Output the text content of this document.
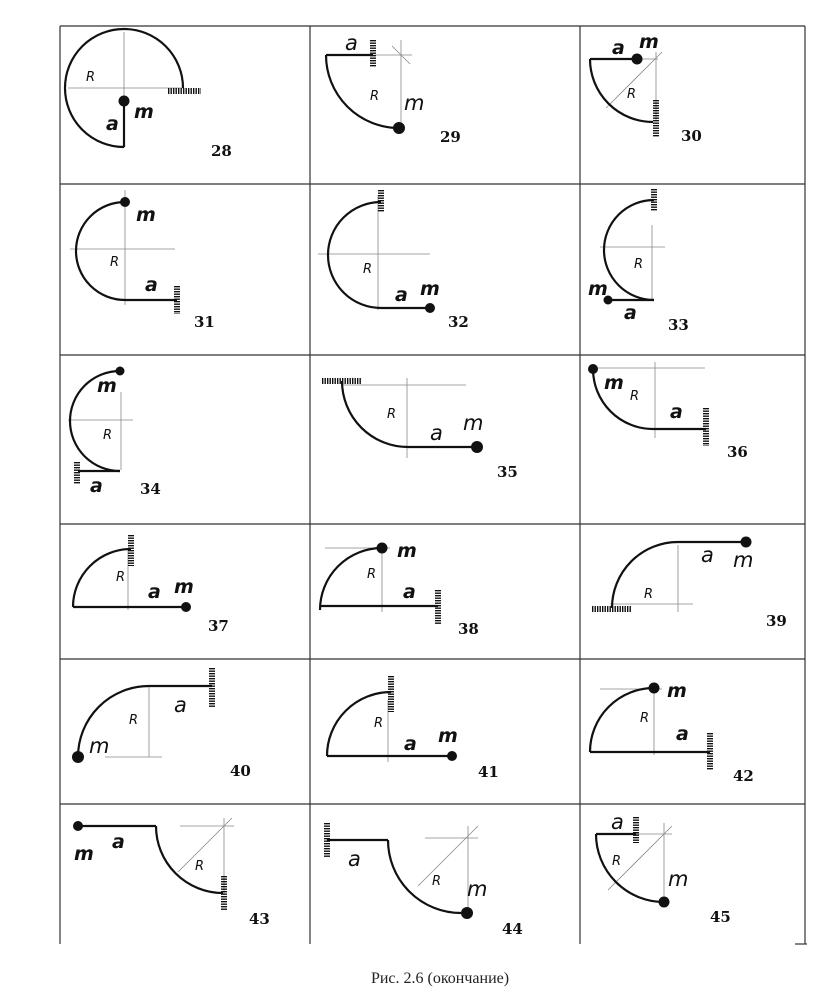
R
a
m
28
a
R m
29
a m
R
30
m
R
a
31
R
a m
32
R
m
a
33
m
R
a 34
R
a m
35
m
R
a
36
R
a m
37
m
R
a
38
R
a m
39
a
R
m
40
R
a m
41
m
R
a
42
m
a
R
43
a
R m
44
a
R
m
45
Рис. 2.6 (окончание)
